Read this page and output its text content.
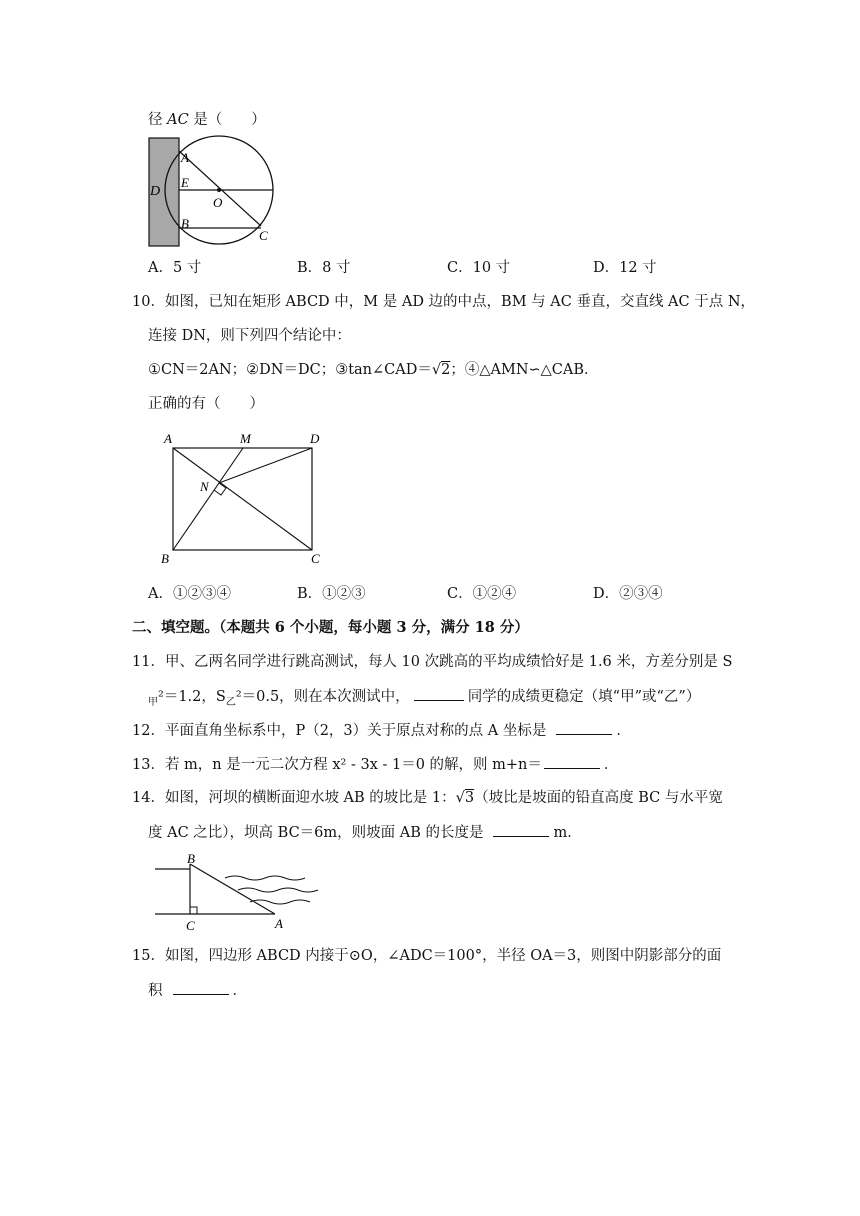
径 AC 是（　　）
A
E
D
O
B
C
A．5 寸	B．8 寸	C．10 寸	D．12 寸
10．如图，已知在矩形 ABCD 中，M 是 AD 边的中点，BM 与 AC 垂直，交直线 AC 于点 N，
连接 DN，则下列四个结论中：
①CN＝2AN；②DN＝DC；③tan∠CAD＝√2；④△AMN∽△CAB．
正确的有（　　）
A	M	D
N
B	C
A．①②③④	B．①②③	C．①②④	D．②③④
二、填空题。（本题共 6 个小题，每小题 3 分，满分 18 分）
11．甲、乙两名同学进行跳高测试，每人 10 次跳高的平均成绩恰好是 1.6 米，方差分别是 S
$_甲$²＝1.2，$S_乙^2=0.5$，则在本次测试中，	同学的成绩更稳定（填“甲”或“乙”）
12．平面直角坐标系中，P（2，3）关于原点对称的点 A 坐标是	．
13．若 m，n 是一元二次方程 x² - 3x - 1＝0 的解，则 m+n＝	．
14．如图，河坝的横断面迎水坡 AB 的坡比是 1：√3（坡比是坡面的铅直高度 BC 与水平宽
度 AC 之比），坝高 BC＝6m，则坡面 AB 的长度是	m．
B
C	A
15．如图，四边形 ABCD 内接于⊙O，∠ADC＝100°，半径 OA＝3，则图中阴影部分的面
积	．
